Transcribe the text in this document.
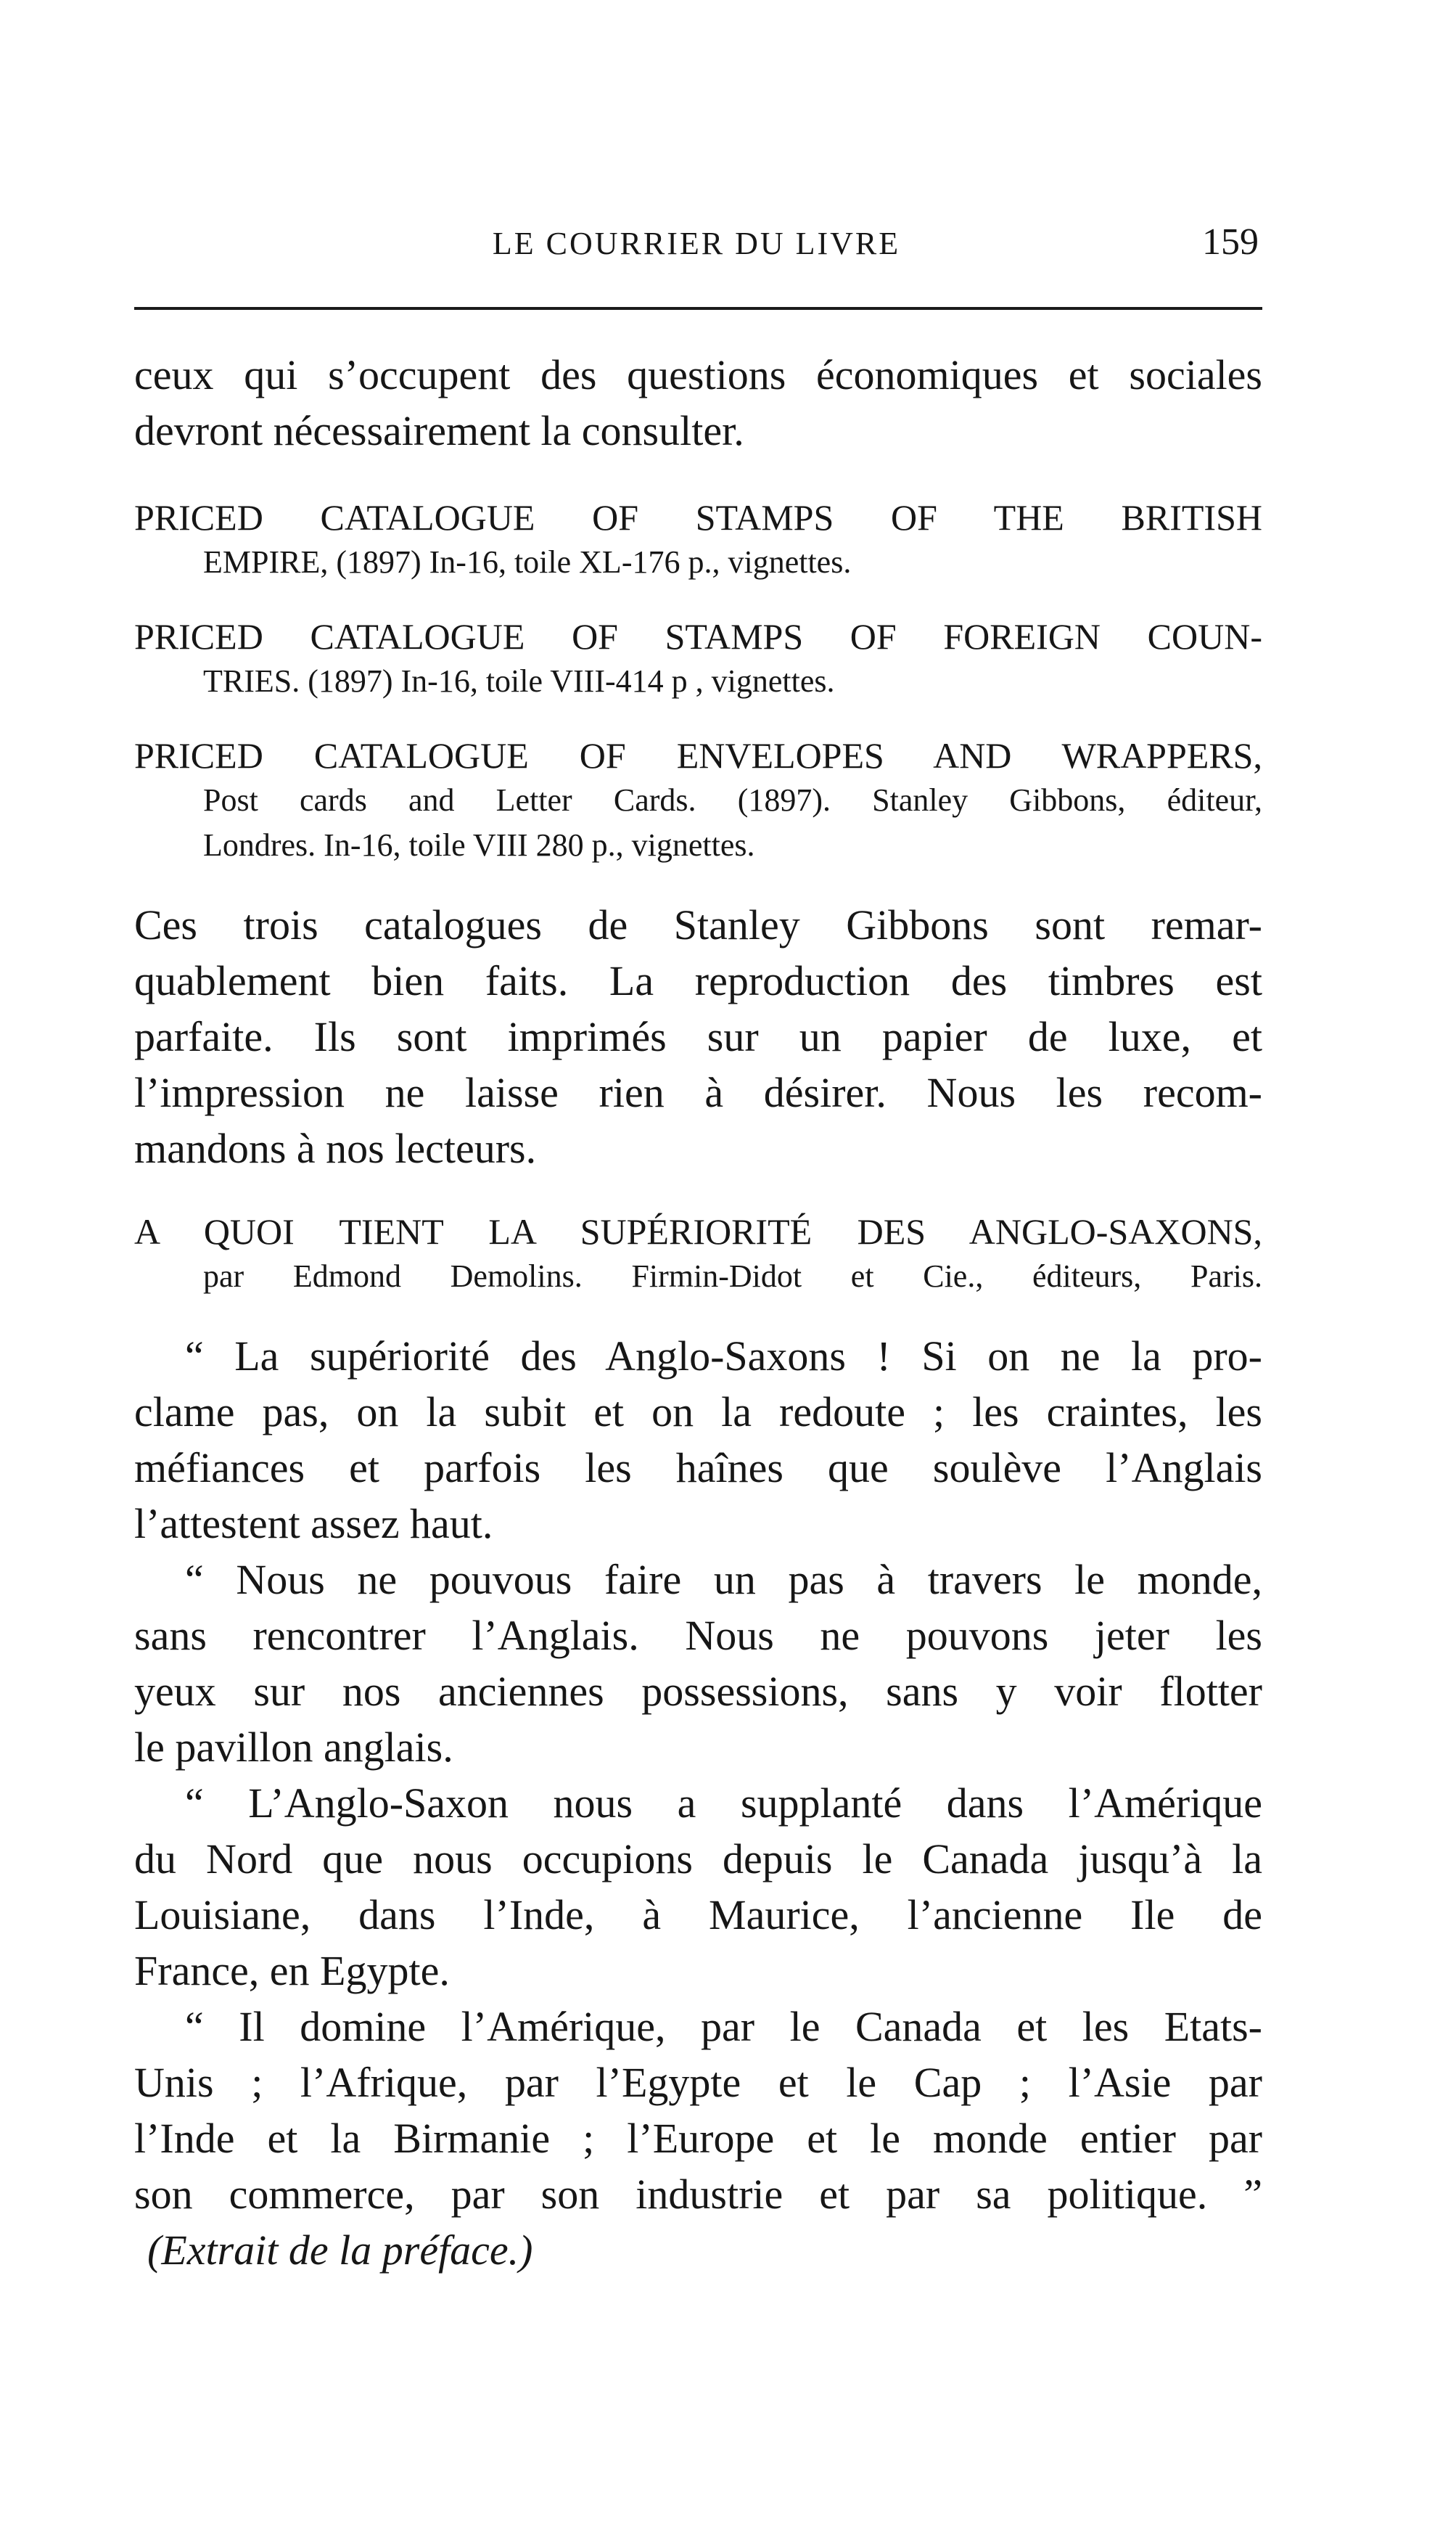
LE COURRIER DU LIVRE	159
ceux qui s’occupent des questions économiques et sociales
devront nécessairement la consulter.
PRICED CATALOGUE OF STAMPS OF THE BRITISH
EMPIRE, (1897) In-16, toile XL-176 p., vignettes.
PRICED CATALOGUE OF STAMPS OF FOREIGN COUN-
TRIES. (1897) In-16, toile VIII-414 p , vignettes.
PRICED CATALOGUE OF ENVELOPES AND WRAPPERS,
Post cards and Letter Cards. (1897). Stanley Gibbons, éditeur,
Londres. In-16, toile VIII 280 p., vignettes.
Ces trois catalogues de Stanley Gibbons sont remar-
quablement bien faits. La reproduction des timbres est
parfaite. Ils sont imprimés sur un papier de luxe, et
l’impression ne laisse rien à désirer. Nous les recom-
mandons à nos lecteurs.
A QUOI TIENT LA SUPÉRIORITÉ DES ANGLO-SAXONS,
par Edmond Demolins. Firmin-Didot et Cie., éditeurs, Paris.
“ La supériorité des Anglo-Saxons ! Si on ne la pro-
clame pas, on la subit et on la redoute ; les craintes, les
méfiances et parfois les haînes que soulève l’Anglais
l’attestent assez haut.
“ Nous ne pouvous faire un pas à travers le monde,
sans rencontrer l’Anglais. Nous ne pouvons jeter les
yeux sur nos anciennes possessions, sans y voir flotter
le pavillon anglais.
“ L’Anglo-Saxon nous a supplanté dans l’Amérique
du Nord que nous occupions depuis le Canada jusqu’à la
Louisiane, dans l’Inde, à Maurice, l’ancienne Ile de
France, en Egypte.
“ Il domine l’Amérique, par le Canada et les Etats-
Unis ; l’Afrique, par l’Egypte et le Cap ; l’Asie par
l’Inde et la Birmanie ; l’Europe et le monde entier par
son commerce, par son industrie et par sa politique. ”
(Extrait de la préface.)
